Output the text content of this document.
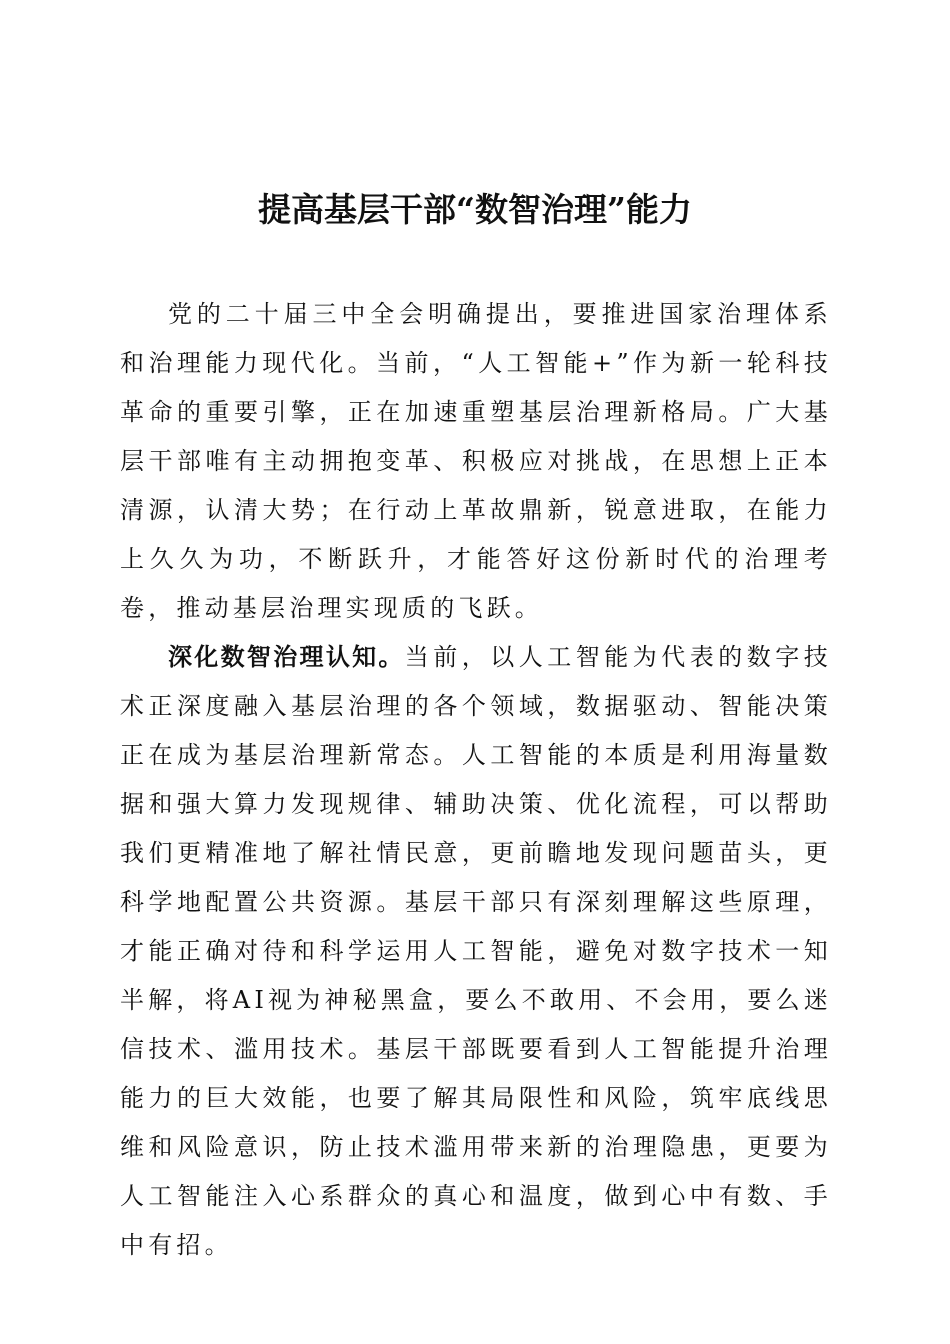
提高基层干部“数智治理”能力

党的二十届三中全会明确提出，要推进国家治理体系和治理能力现代化。当前，“人工智能+”作为新一轮科技革命的重要引擎，正在加速重塑基层治理新格局。广大基层干部唯有主动拥抱变革、积极应对挑战，在思想上正本清源，认清大势；在行动上革故鼎新，锐意进取，在能力上久久为功，不断跃升，才能答好这份新时代的治理考卷，推动基层治理实现质的飞跃。

深化数智治理认知。当前，以人工智能为代表的数字技术正深度融入基层治理的各个领域，数据驱动、智能决策正在成为基层治理新常态。人工智能的本质是利用海量数据和强大算力发现规律、辅助决策、优化流程，可以帮助我们更精准地了解社情民意，更前瞻地发现问题苗头，更科学地配置公共资源。基层干部只有深刻理解这些原理，才能正确对待和科学运用人工智能，避免对数字技术一知半解，将AI视为神秘黑盒，要么不敢用、不会用，要么迷信技术、滥用技术。基层干部既要看到人工智能提升治理能力的巨大效能，也要了解其局限性和风险，筑牢底线思维和风险意识，防止技术滥用带来新的治理隐患，更要为人工智能注入心系群众的真心和温度，做到心中有数、手中有招。
